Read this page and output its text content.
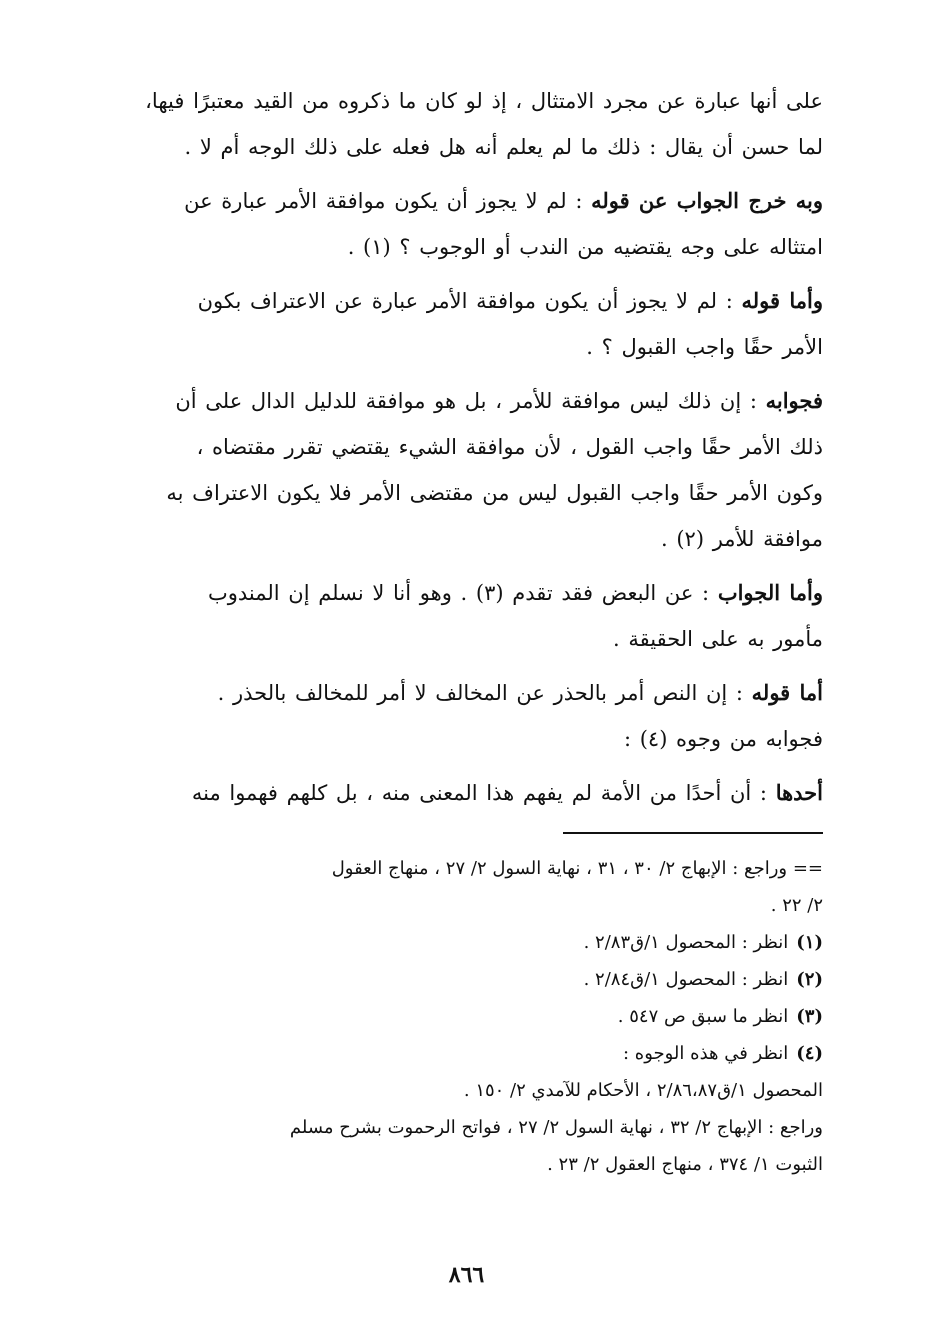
على أنها عبارة عن مجرد الامتثال ، إذ لو كان ما ذكروه من القيد معتبرًا فيها،
لما حسن أن يقال : ذلك ما لم يعلم أنه هل فعله على ذلك الوجه أم لا .
وبه خرج الجواب عن قوله : لم لا يجوز أن يكون موافقة الأمر عبارة عن
امتثاله على وجه يقتضيه من الندب أو الوجوب ؟ (١) .
وأما قوله : لم لا يجوز أن يكون موافقة الأمر عبارة عن الاعتراف بكون
الأمر حقًا واجب القبول ؟ .
فجوابه : إن ذلك ليس موافقة للأمر ، بل هو موافقة للدليل الدال على أن
ذلك الأمر حقًا واجب القول ، لأن موافقة الشيء يقتضي تقرر مقتضاه ،
وكون الأمر حقًا واجب القبول ليس من مقتضى الأمر فلا يكون الاعتراف به
موافقة للأمر (٢) .
وأما الجواب : عن البعض فقد تقدم (٣) . وهو أنا لا نسلم إن المندوب
مأمور به على الحقيقة .
أما قوله : إن النص أمر بالحذر عن المخالف لا أمر للمخالف بالحذر .
فجوابه من وجوه (٤) :
أحدها : أن أحدًا من الأمة لم يفهم هذا المعنى منه ، بل كلهم فهموا منه
== وراجع : الإبهاج ٢/ ٣٠ ، ٣١ ، نهاية السول ٢/ ٢٧ ، منهاج العقول
٢/ ٢٢ .
(١)انظر : المحصول ١/ق٢/٨٣ .
(٢)انظر : المحصول ١/ق٢/٨٤ .
(٣)انظر ما سبق ص ٥٤٧ .
(٤)انظر في هذه الوجوه :
المحصول ١/ق٢/٨٦،٨٧ ، الأحكام للآمدي ٢/ ١٥٠ .
وراجع : الإبهاج ٢/ ٣٢ ، نهاية السول ٢/ ٢٧ ، فواتح الرحموت بشرح مسلم
الثبوت ١/ ٣٧٤ ، منهاج العقول ٢/ ٢٣ .
٨٦٦
